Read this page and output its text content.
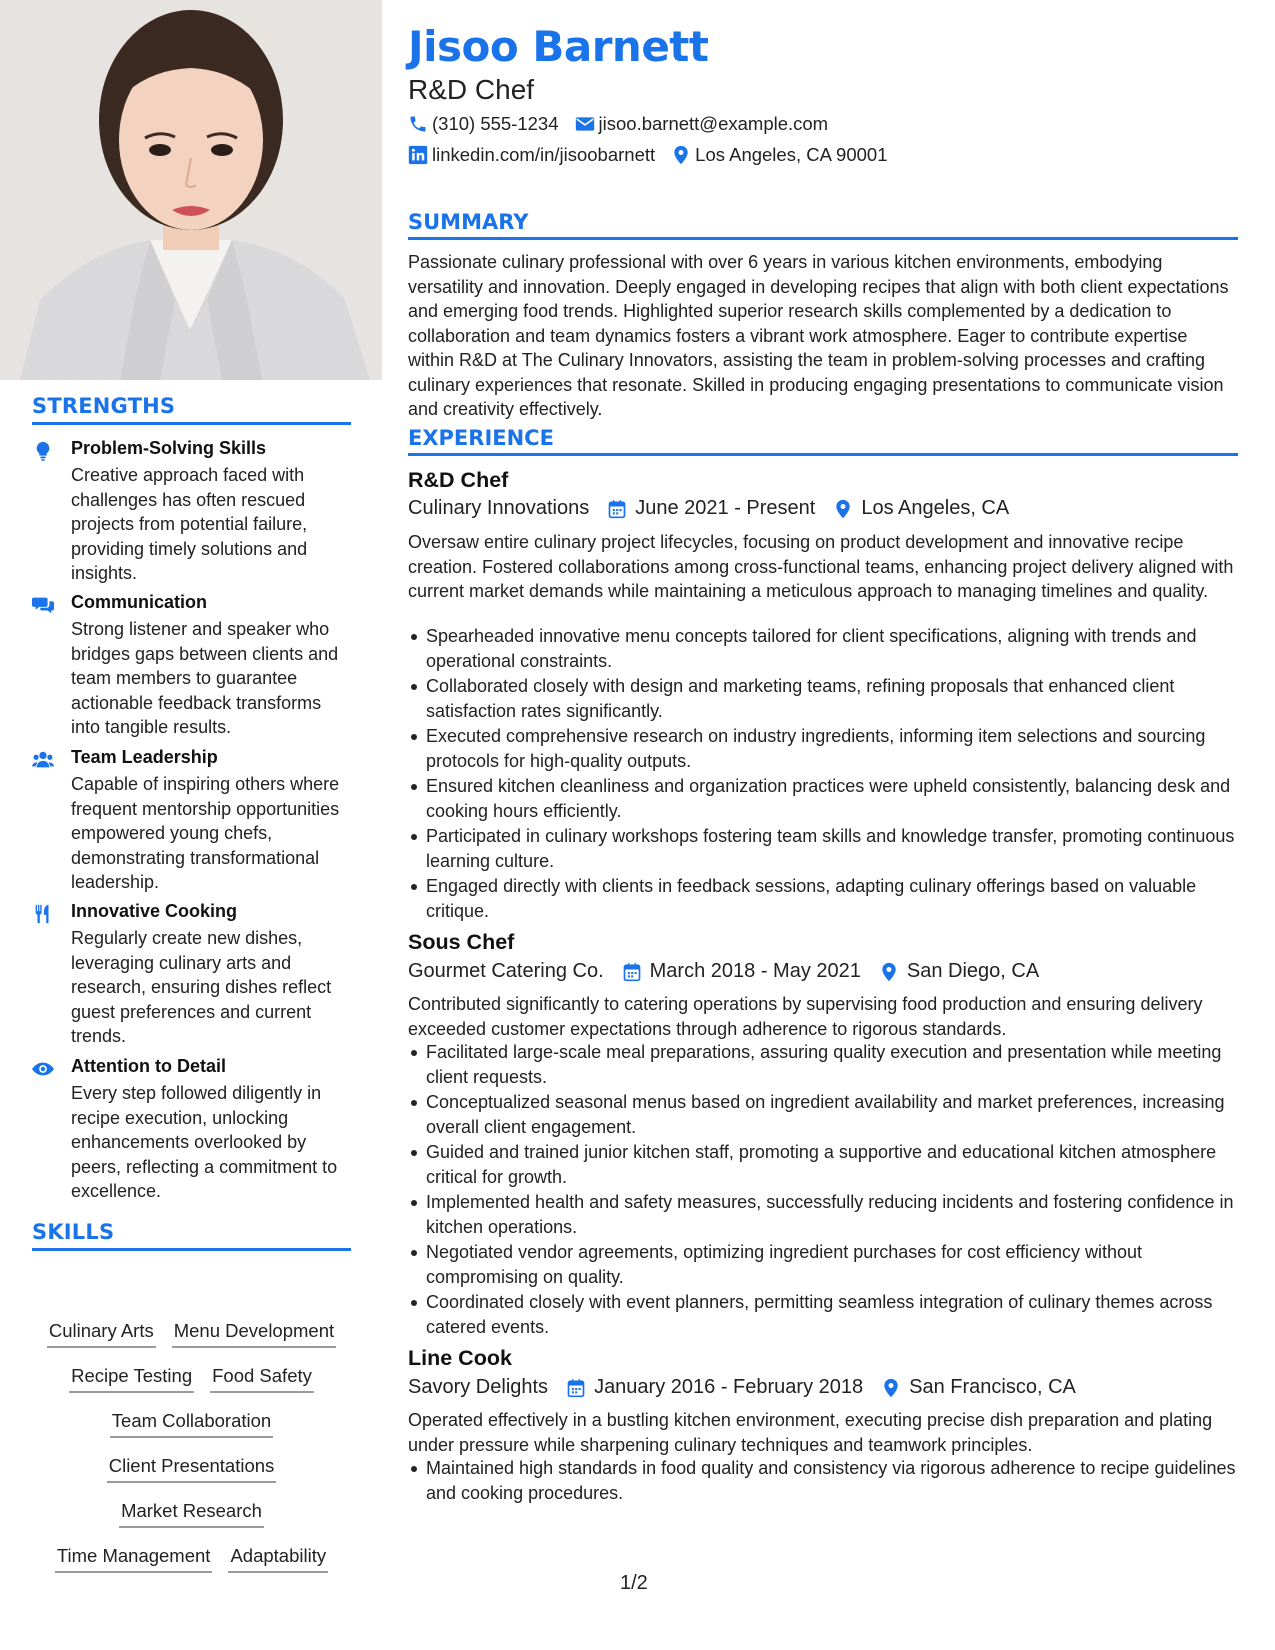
STRENGTHS
Problem-Solving Skills
Creative approach faced with challenges has often rescued projects from potential failure, providing timely solutions and insights.
Communication
Strong listener and speaker who bridges gaps between clients and team members to guarantee actionable feedback transforms into tangible results.
Team Leadership
Capable of inspiring others where frequent mentorship opportunities empowered young chefs, demonstrating transformational leadership.
Innovative Cooking
Regularly create new dishes, leveraging culinary arts and research, ensuring dishes reflect guest preferences and current trends.
Attention to Detail
Every step followed diligently in recipe execution, unlocking enhancements overlooked by peers, reflecting a commitment to excellence.
SKILLS
Culinary Arts Menu Development
Recipe Testing Food Safety
Team Collaboration
Client Presentations
Market Research
Time Management Adaptability
Jisoo Barnett
R&D Chef
(310) 555-1234 jisoo.barnett@example.com
linkedin.com/in/jisoobarnett Los Angeles, CA 90001
SUMMARY
Passionate culinary professional with over 6 years in various kitchen environments, embodying versatility and innovation. Deeply engaged in developing recipes that align with both client expectations and emerging food trends. Highlighted superior research skills complemented by a dedication to collaboration and team dynamics fosters a vibrant work atmosphere. Eager to contribute expertise within R&D at The Culinary Innovators, assisting the team in problem-solving processes and crafting culinary experiences that resonate. Skilled in producing engaging presentations to communicate vision and creativity effectively.
EXPERIENCE
R&D Chef
Culinary Innovations June 2021 - Present Los Angeles, CA
Oversaw entire culinary project lifecycles, focusing on product development and innovative recipe creation. Fostered collaborations among cross-functional teams, enhancing project delivery aligned with current market demands while maintaining a meticulous approach to managing timelines and quality.
Spearheaded innovative menu concepts tailored for client specifications, aligning with trends and operational constraints.
Collaborated closely with design and marketing teams, refining proposals that enhanced client satisfaction rates significantly.
Executed comprehensive research on industry ingredients, informing item selections and sourcing protocols for high-quality outputs.
Ensured kitchen cleanliness and organization practices were upheld consistently, balancing desk and cooking hours efficiently.
Participated in culinary workshops fostering team skills and knowledge transfer, promoting continuous learning culture.
Engaged directly with clients in feedback sessions, adapting culinary offerings based on valuable critique.
Sous Chef
Gourmet Catering Co. March 2018 - May 2021 San Diego, CA
Contributed significantly to catering operations by supervising food production and ensuring delivery exceeded customer expectations through adherence to rigorous standards.
Facilitated large-scale meal preparations, assuring quality execution and presentation while meeting client requests.
Conceptualized seasonal menus based on ingredient availability and market preferences, increasing overall client engagement.
Guided and trained junior kitchen staff, promoting a supportive and educational kitchen atmosphere critical for growth.
Implemented health and safety measures, successfully reducing incidents and fostering confidence in kitchen operations.
Negotiated vendor agreements, optimizing ingredient purchases for cost efficiency without compromising on quality.
Coordinated closely with event planners, permitting seamless integration of culinary themes across catered events.
Line Cook
Savory Delights January 2016 - February 2018 San Francisco, CA
Operated effectively in a bustling kitchen environment, executing precise dish preparation and plating under pressure while sharpening culinary techniques and teamwork principles.
Maintained high standards in food quality and consistency via rigorous adherence to recipe guidelines and cooking procedures.
1/2
